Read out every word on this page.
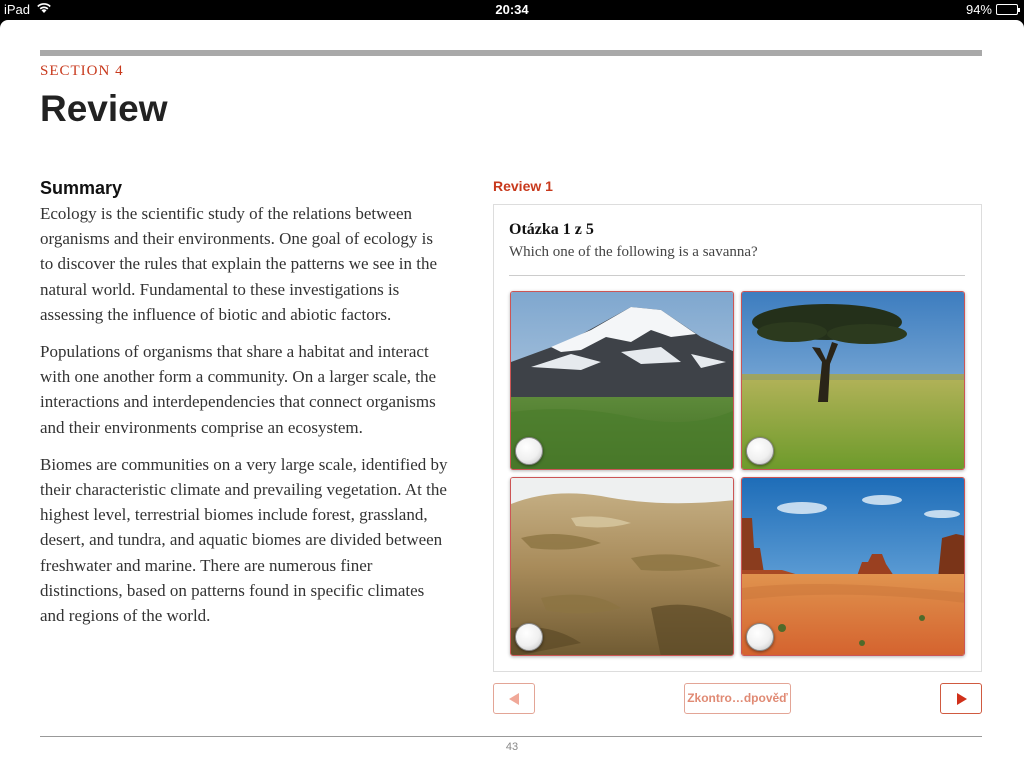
iPad	20:34	94%
SECTION 4
Review
Summary

Ecology is the scientific study of the relations between organisms and their environments. One goal of ecology is to discover the rules that explain the patterns we see in the natural world. Fundamental to these investigations is assessing the influence of biotic and abiotic factors.

Populations of organisms that share a habitat and interact with one another form a community. On a larger scale, the interactions and interdependencies that connect organisms and their environments comprise an ecosystem.

Biomes are communities on a very large scale, identified by their characteristic climate and prevailing vegetation. At the highest level, terrestrial biomes include forest, grassland, desert, and tundra, and aquatic biomes are divided between freshwater and marine. There are numerous finer distinctions, based on patterns found in specific climates and regions of the world.

Review 1
Otázka 1 z 5
Which one of the following is a savanna?
Zkontro…dpověď
43
